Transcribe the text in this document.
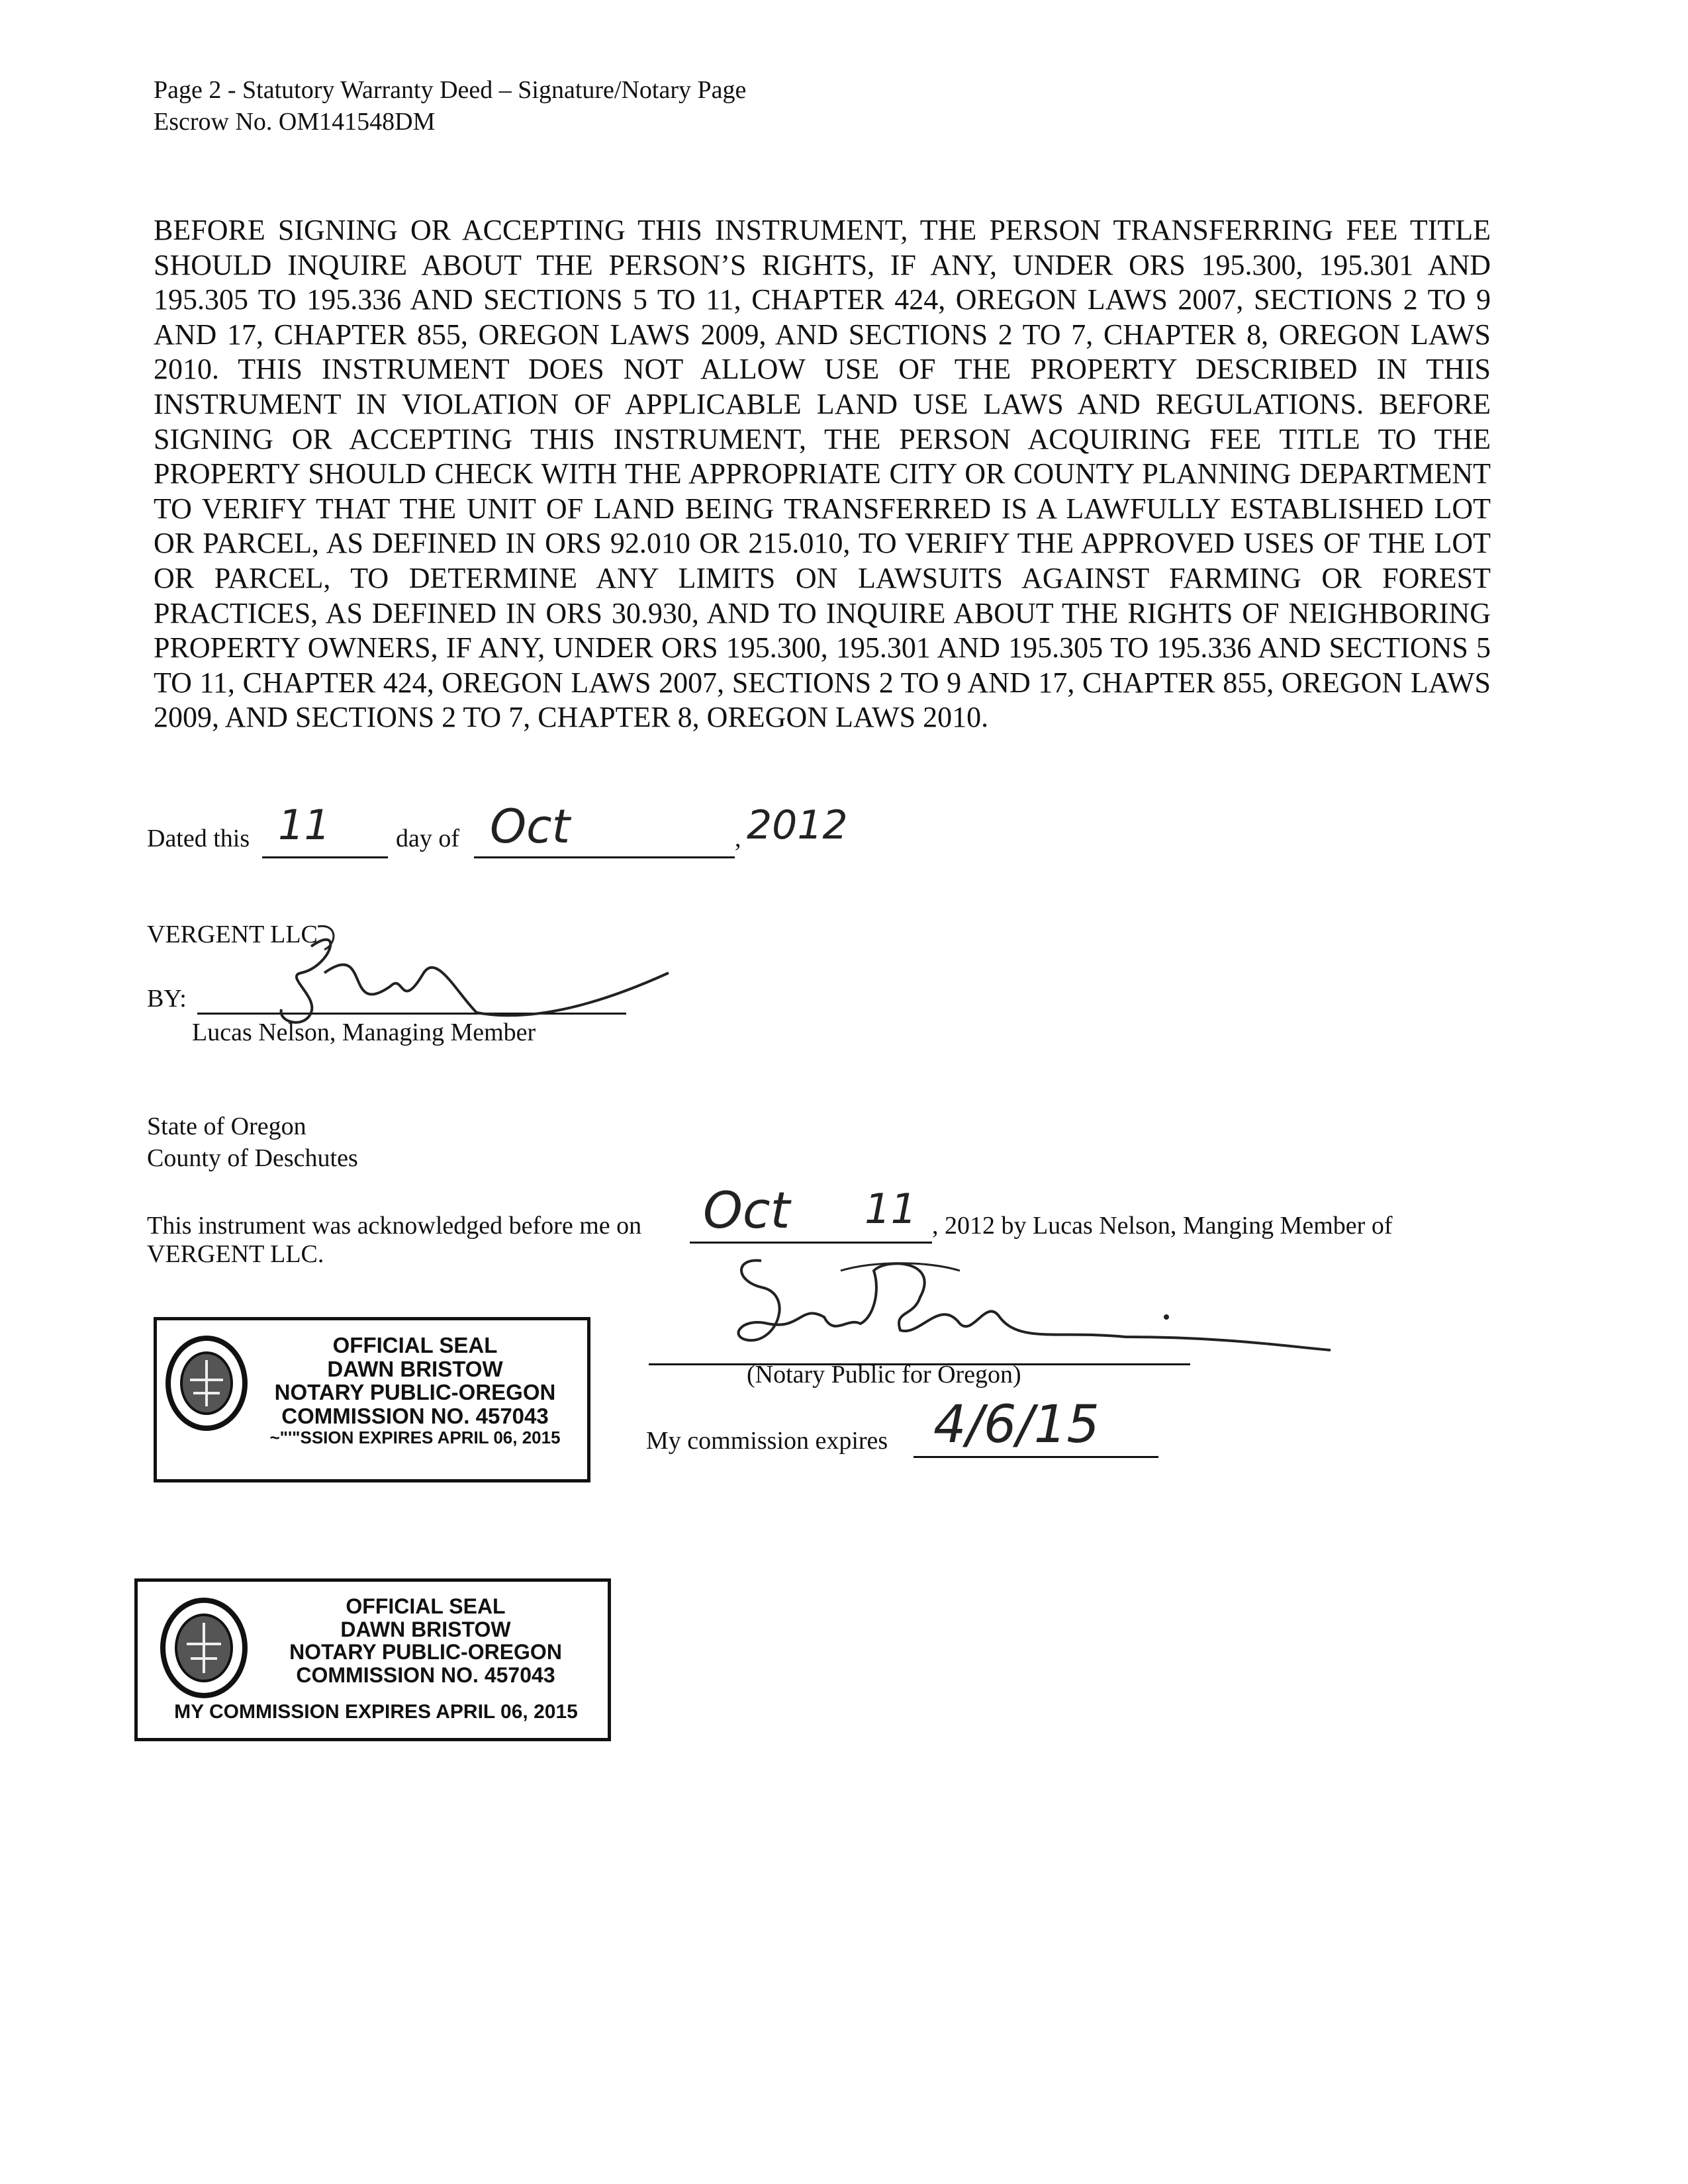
Page 2 - Statutory Warranty Deed – Signature/Notary Page
Escrow No. OM141548DM
BEFORE SIGNING OR ACCEPTING THIS INSTRUMENT, THE PERSON TRANSFERRING FEE TITLE SHOULD INQUIRE ABOUT THE PERSON’S RIGHTS, IF ANY, UNDER ORS 195.300, 195.301 AND 195.305 TO 195.336 AND SECTIONS 5 TO 11, CHAPTER 424, OREGON LAWS 2007, SECTIONS 2 TO 9 AND 17, CHAPTER 855, OREGON LAWS 2009, AND SECTIONS 2 TO 7, CHAPTER 8, OREGON LAWS 2010. THIS INSTRUMENT DOES NOT ALLOW USE OF THE PROPERTY DESCRIBED IN THIS INSTRUMENT IN VIOLATION OF APPLICABLE LAND USE LAWS AND REGULATIONS. BEFORE SIGNING OR ACCEPTING THIS INSTRUMENT, THE PERSON ACQUIRING FEE TITLE TO THE PROPERTY SHOULD CHECK WITH THE APPROPRIATE CITY OR COUNTY PLANNING DEPARTMENT TO VERIFY THAT THE UNIT OF LAND BEING TRANSFERRED IS A LAWFULLY ESTABLISHED LOT OR PARCEL, AS DEFINED IN ORS 92.010 OR 215.010, TO VERIFY THE APPROVED USES OF THE LOT OR PARCEL, TO DETERMINE ANY LIMITS ON LAWSUITS AGAINST FARMING OR FOREST PRACTICES, AS DEFINED IN ORS 30.930, AND TO INQUIRE ABOUT THE RIGHTS OF NEIGHBORING PROPERTY OWNERS, IF ANY, UNDER ORS 195.300, 195.301 AND 195.305 TO 195.336 AND SECTIONS 5 TO 11, CHAPTER 424, OREGON LAWS 2007, SECTIONS 2 TO 9 AND 17, CHAPTER 855, OREGON LAWS 2009, AND SECTIONS 2 TO 7, CHAPTER 8, OREGON LAWS 2010.
Dated this 11	day of Oct	, 2012
VERGENT LLC
BY:
Lucas Nelson, Managing Member
State of Oregon
County of Deschutes
This instrument was acknowledged before me on Oct 11 , 2012 by Lucas Nelson, Manging Member of
VERGENT LLC.
(Notary Public for Oregon)
My commission expires 4/6/15
OFFICIAL SEAL
DAWN BRISTOW
NOTARY PUBLIC-OREGON
COMMISSION NO. 457043
~"'"SSION EXPIRES APRIL 06, 2015
OFFICIAL SEAL
DAWN BRISTOW
NOTARY PUBLIC-OREGON
COMMISSION NO. 457043
MY COMMISSION EXPIRES APRIL 06, 2015
